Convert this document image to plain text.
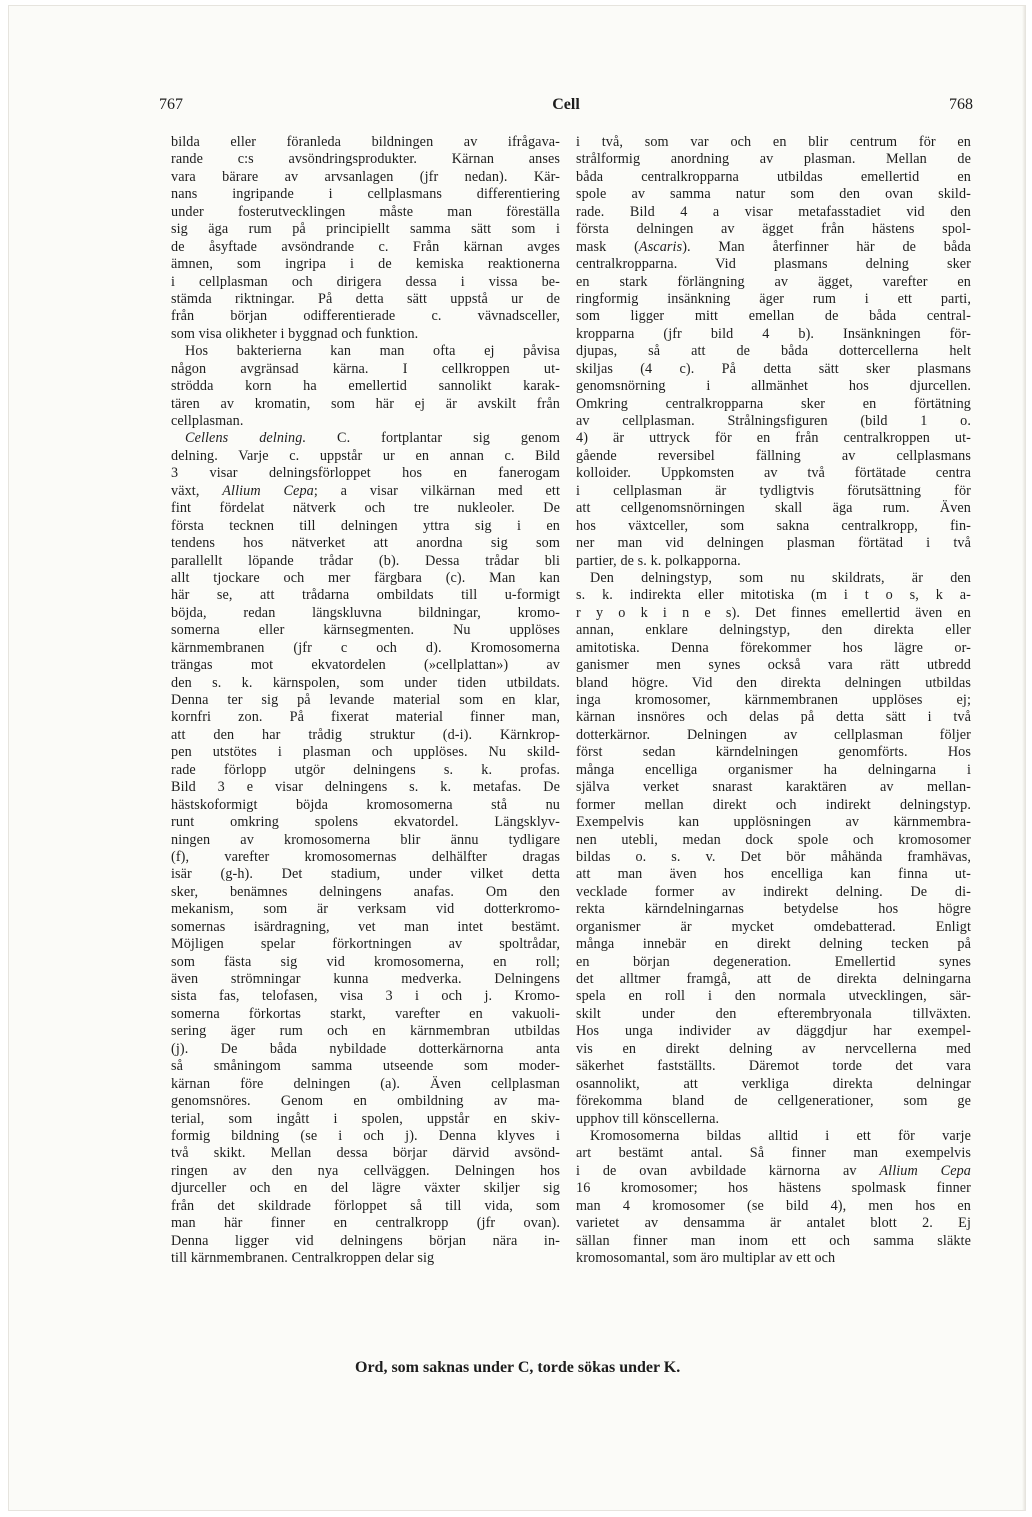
767	Cell	768
bilda eller föranleda bildningen av ifrågava-
rande c:s avsöndringsprodukter. Kärnan anses
vara bärare av arvsanlagen (jfr nedan). Kär-
nans ingripande i cellplasmans differentiering
under fosterutvecklingen måste man föreställa
sig äga rum på principiellt samma sätt som i
de åsyftade avsöndrande c. Från kärnan avges
ämnen, som ingripa i de kemiska reaktionerna
i cellplasman och dirigera dessa i vissa be-
stämda riktningar. På detta sätt uppstå ur de
från början odifferentierade c. vävnadsceller,
som visa olikheter i byggnad och funktion.
Hos bakterierna kan man ofta ej påvisa
någon avgränsad kärna. I cellkroppen ut-
strödda korn ha emellertid sannolikt karak-
tären av kromatin, som här ej är avskilt från
cellplasman.
Cellens delning. C. fortplantar sig genom
delning. Varje c. uppstår ur en annan c. Bild
3 visar delningsförloppet hos en fanerogam
växt, Allium Cepa; a visar vilkärnan med ett
fint fördelat nätverk och tre nukleoler. De
första tecknen till delningen yttra sig i en
tendens hos nätverket att anordna sig som
parallellt löpande trådar (b). Dessa trådar bli
allt tjockare och mer färgbara (c). Man kan
här se, att trådarna ombildats till u-formigt
böjda, redan längskluvna bildningar, kromo-
somerna eller kärnsegmenten. Nu upplöses
kärnmembranen (jfr c och d). Kromosomerna
trängas mot ekvatordelen (»cellplattan») av
den s. k. kärnspolen, som under tiden utbildats.
Denna ter sig på levande material som en klar,
kornfri zon. På fixerat material finner man,
att den har trådig struktur (d-i). Kärnkrop-
pen utstötes i plasman och upplöses. Nu skild-
rade förlopp utgör delningens s. k. profas.
Bild 3 e visar delningens s. k. metafas. De
hästskoformigt böjda kromosomerna stå nu
runt omkring spolens ekvatordel. Längsklyv-
ningen av kromosomerna blir ännu tydligare
(f), varefter kromosomernas delhälfter dragas
isär (g-h). Det stadium, under vilket detta
sker, benämnes delningens anafas. Om den
mekanism, som är verksam vid dotterkromo-
somernas isärdragning, vet man intet bestämt.
Möjligen spelar förkortningen av spoltrådar,
som fästa sig vid kromosomerna, en roll;
även strömningar kunna medverka. Delningens
sista fas, telofasen, visa 3 i och j. Kromo-
somerna förkortas starkt, varefter en vakuoli-
sering äger rum och en kärnmembran utbildas
(j). De båda nybildade dotterkärnorna anta
så småningom samma utseende som moder-
kärnan före delningen (a). Även cellplasman
genomsnöres. Genom en ombildning av ma-
terial, som ingått i spolen, uppstår en skiv-
formig bildning (se i och j). Denna klyves i
två skikt. Mellan dessa börjar därvid avsönd-
ringen av den nya cellväggen. Delningen hos
djurceller och en del lägre växter skiljer sig
från det skildrade förloppet så till vida, som
man här finner en centralkropp (jfr ovan).
Denna ligger vid delningens början nära in-
till kärnmembranen. Centralkroppen delar sig
i två, som var och en blir centrum för en
strålformig anordning av plasman. Mellan de
båda centralkropparna utbildas emellertid en
spole av samma natur som den ovan skild-
rade. Bild 4 a visar metafasstadiet vid den
första delningen av ägget från hästens spol-
mask (Ascaris). Man återfinner här de båda
centralkropparna. Vid plasmans delning sker
en stark förlängning av ägget, varefter en
ringformig insänkning äger rum i ett parti,
som ligger mitt emellan de båda central-
kropparna (jfr bild 4 b). Insänkningen för-
djupas, så att de båda dottercellerna helt
skiljas (4 c). På detta sätt sker plasmans
genomsnörning i allmänhet hos djurcellen.
Omkring centralkropparna sker en förtätning
av cellplasman. Strålningsfiguren (bild 1 o.
4) är uttryck för en från centralkroppen ut-
gående reversibel fällning av cellplasmans
kolloider. Uppkomsten av två förtätade centra
i cellplasman är tydligtvis förutsättning för
att cellgenomsnörningen skall äga rum. Även
hos växtceller, som sakna centralkropp, fin-
ner man vid delningen plasman förtätad i två
partier, de s. k. polkapporna.
Den delningstyp, som nu skildrats, är den
s. k. indirekta eller mitotiska (m i t o s, k a-
r y o k i n e s). Det finnes emellertid även en
annan, enklare delningstyp, den direkta eller
amitotiska. Denna förekommer hos lägre or-
ganismer men synes också vara rätt utbredd
bland högre. Vid den direkta delningen utbildas
inga kromosomer, kärnmembranen upplöses ej;
kärnan insnöres och delas på detta sätt i två
dotterkärnor. Delningen av cellplasman följer
först sedan kärndelningen genomförts. Hos
många encelliga organismer ha delningarna i
själva verket snarast karaktären av mellan-
former mellan direkt och indirekt delningstyp.
Exempelvis kan upplösningen av kärnmembra-
nen utebli, medan dock spole och kromosomer
bildas o. s. v. Det bör måhända framhävas,
att man även hos encelliga kan finna ut-
vecklade former av indirekt delning. De di-
rekta kärndelningarnas betydelse hos högre
organismer är mycket omdebatterad. Enligt
många innebär en direkt delning tecken på
en början degeneration. Emellertid synes
det alltmer framgå, att de direkta delningarna
spela en roll i den normala utvecklingen, sär-
skilt under den efterembryonala tillväxten.
Hos unga individer av däggdjur har exempel-
vis en direkt delning av nervcellerna med
säkerhet fastställts. Däremot torde det vara
osannolikt, att verkliga direkta delningar
förekomma bland de cellgenerationer, som ge
upphov till könscellerna.
Kromosomerna bildas alltid i ett för varje
art bestämt antal. Så finner man exempelvis
i de ovan avbildade kärnorna av Allium Cepa
16 kromosomer; hos hästens spolmask finner
man 4 kromosomer (se bild 4), men hos en
varietet av densamma är antalet blott 2. Ej
sällan finner man inom ett och samma släkte
kromosomantal, som äro multiplar av ett och
Ord, som saknas under C, torde sökas under K.
